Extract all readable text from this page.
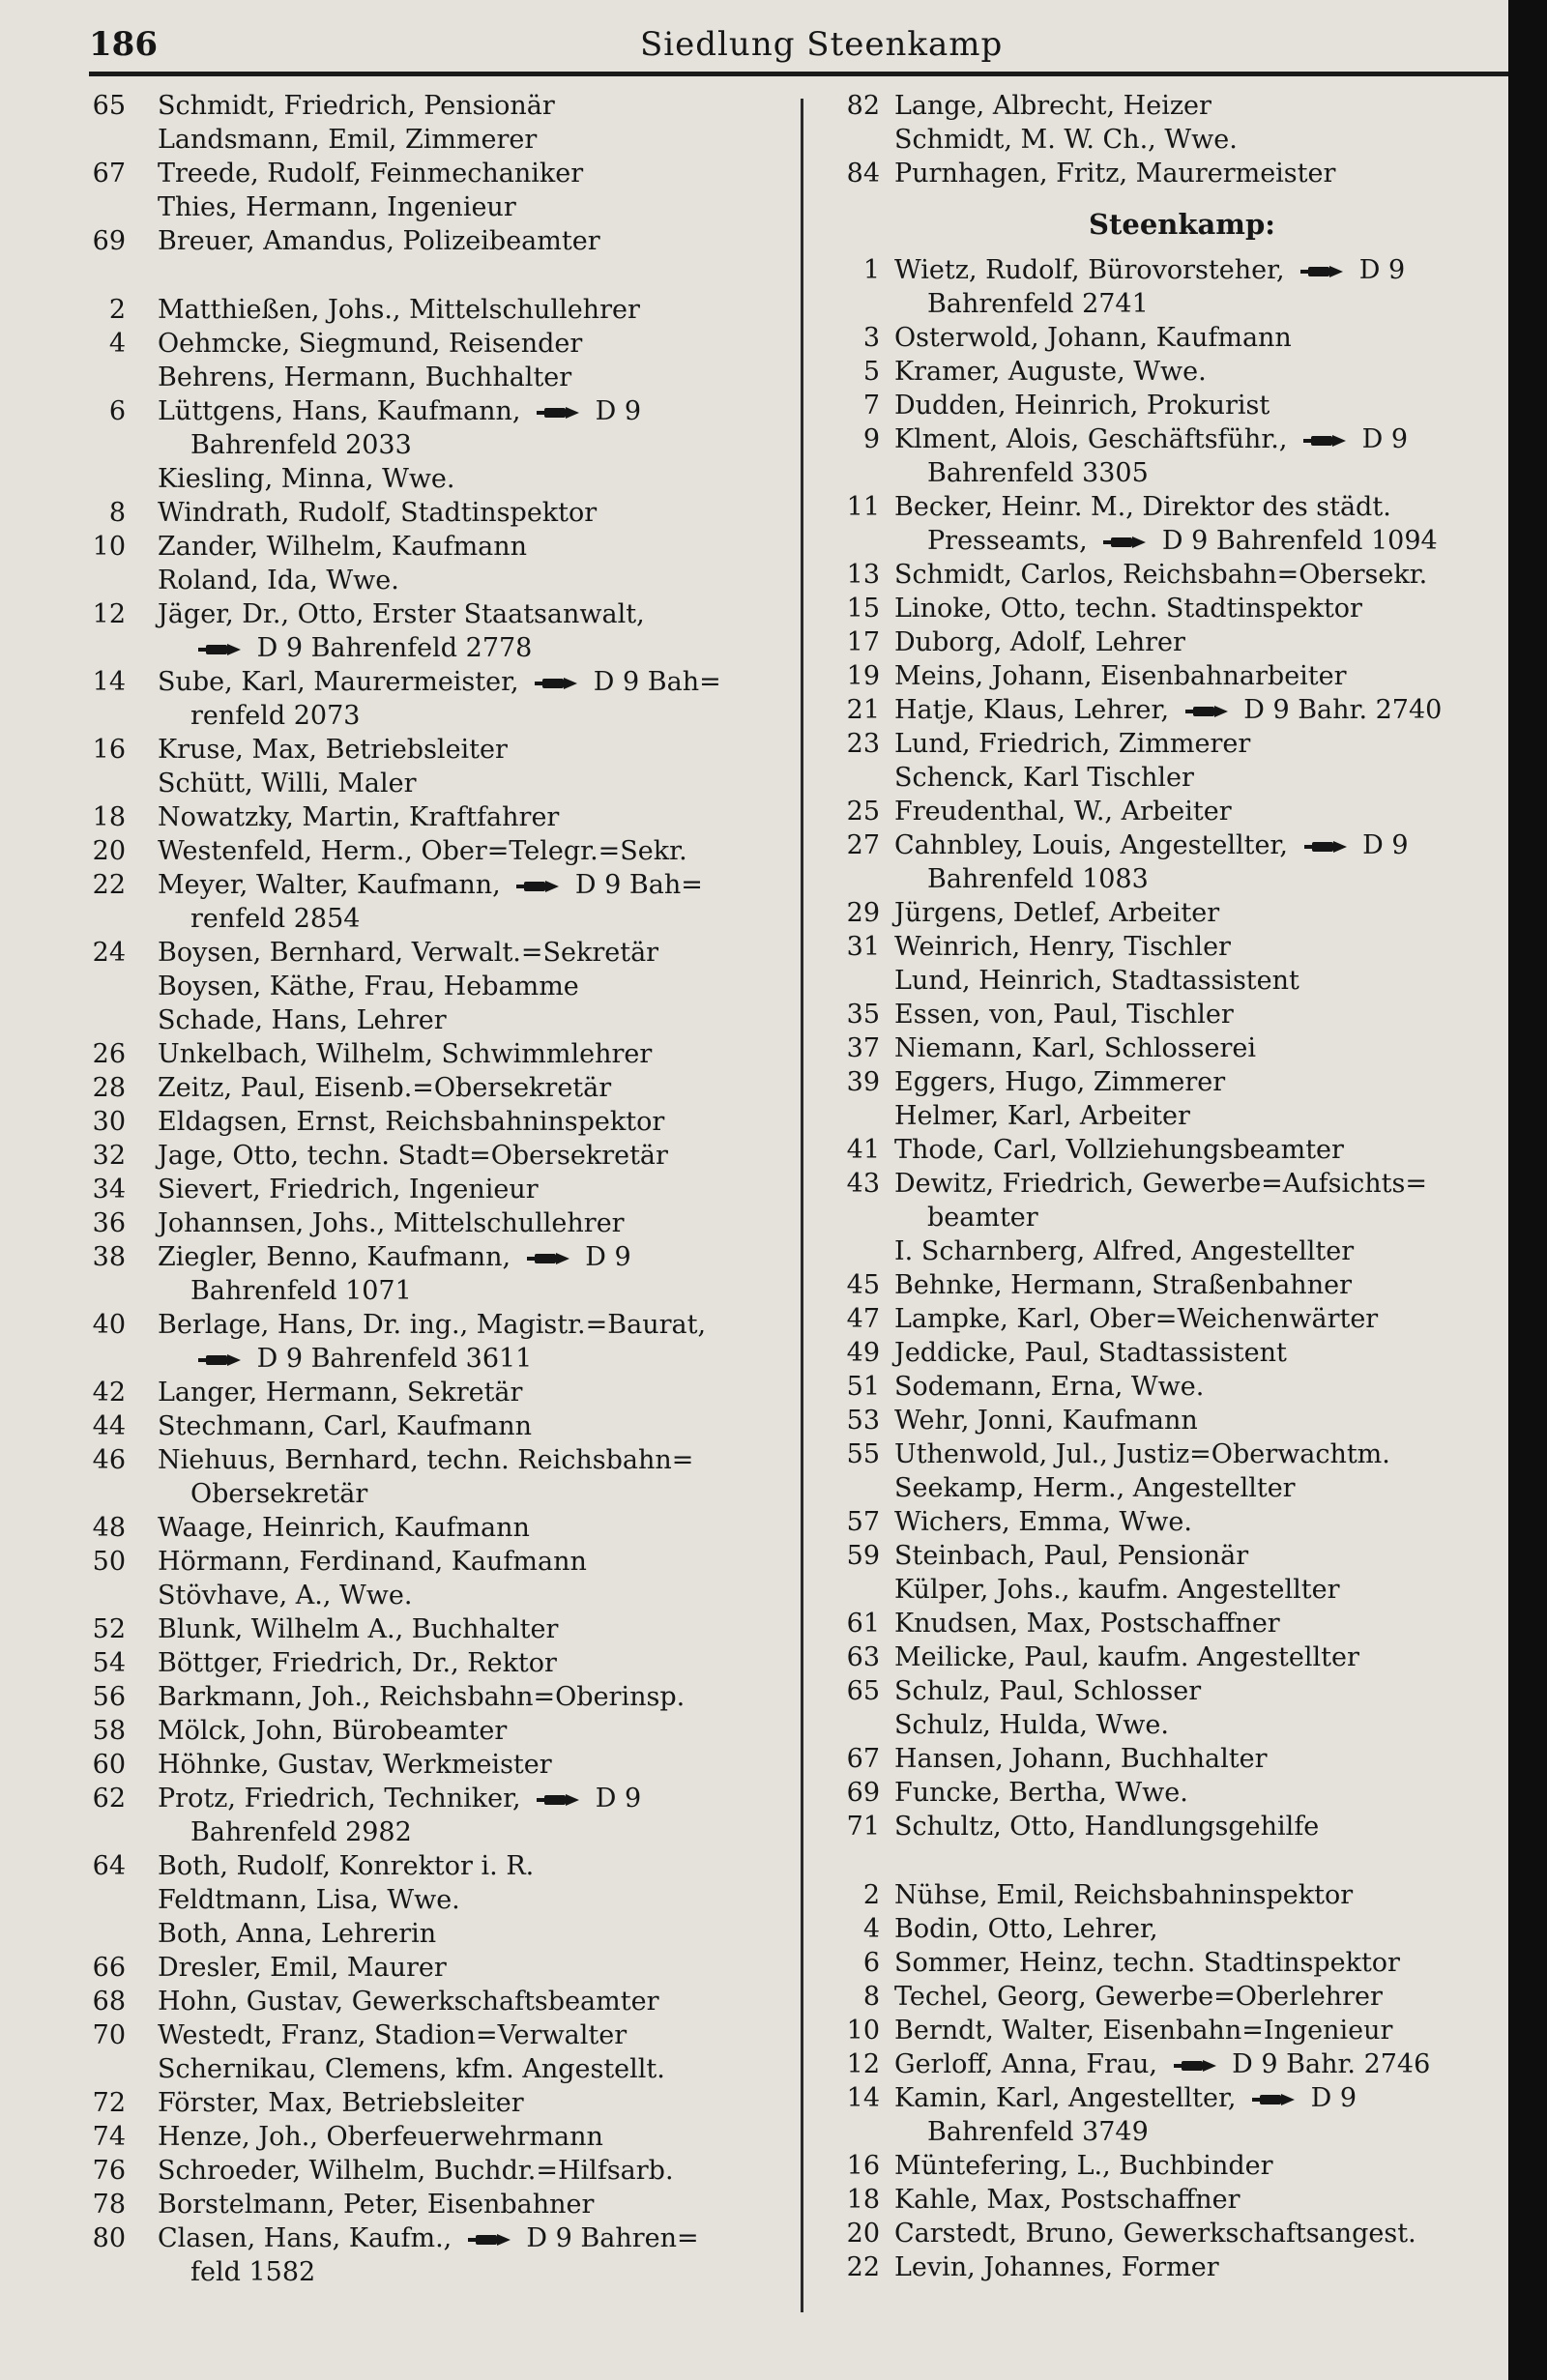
186	Siedlung Steenkamp
65 Schmidt, Friedrich, Pensionär
Landsmann, Emil, Zimmerer
67 Treede, Rudolf, Feinmechaniker
Thies, Hermann, Ingenieur
69 Breuer, Amandus, Polizeibeamter
2 Matthießen, Johs., Mittelschullehrer
4 Oehmcke, Siegmund, Reisender
Behrens, Hermann, Buchhalter
6 Lüttgens, Hans, Kaufmann,  D 9
Bahrenfeld 2033
Kiesling, Minna, Wwe.
8 Windrath, Rudolf, Stadtinspektor
10 Zander, Wilhelm, Kaufmann
Roland, Ida, Wwe.
12 Jäger, Dr., Otto, Erster Staatsanwalt,
D 9 Bahrenfeld 2778
14 Sube, Karl, Maurermeister,  D 9 Bah=
renfeld 2073
16 Kruse, Max, Betriebsleiter
Schütt, Willi, Maler
18 Nowatzky, Martin, Kraftfahrer
20 Westenfeld, Herm., Ober=Telegr.=Sekr.
22 Meyer, Walter, Kaufmann,  D 9 Bah=
renfeld 2854
24 Boysen, Bernhard, Verwalt.=Sekretär
Boysen, Käthe, Frau, Hebamme
Schade, Hans, Lehrer
26 Unkelbach, Wilhelm, Schwimmlehrer
28 Zeitz, Paul, Eisenb.=Obersekretär
30 Eldagsen, Ernst, Reichsbahninspektor
32 Jage, Otto, techn. Stadt=Obersekretär
34 Sievert, Friedrich, Ingenieur
36 Johannsen, Johs., Mittelschullehrer
38 Ziegler, Benno, Kaufmann,  D 9
Bahrenfeld 1071
40 Berlage, Hans, Dr. ing., Magistr.=Baurat,
D 9 Bahrenfeld 3611
42 Langer, Hermann, Sekretär
44 Stechmann, Carl, Kaufmann
46 Niehuus, Bernhard, techn. Reichsbahn=
Obersekretär
48 Waage, Heinrich, Kaufmann
50 Hörmann, Ferdinand, Kaufmann
Stövhave, A., Wwe.
52 Blunk, Wilhelm A., Buchhalter
54 Böttger, Friedrich, Dr., Rektor
56 Barkmann, Joh., Reichsbahn=Oberinsp.
58 Mölck, John, Bürobeamter
60 Höhnke, Gustav, Werkmeister
62 Protz, Friedrich, Techniker,  D 9
Bahrenfeld 2982
64 Both, Rudolf, Konrektor i. R.
Feldtmann, Lisa, Wwe.
Both, Anna, Lehrerin
66 Dresler, Emil, Maurer
68 Hohn, Gustav, Gewerkschaftsbeamter
70 Westedt, Franz, Stadion=Verwalter
Schernikau, Clemens, kfm. Angestellt.
72 Förster, Max, Betriebsleiter
74 Henze, Joh., Oberfeuerwehrmann
76 Schroeder, Wilhelm, Buchdr.=Hilfsarb.
78 Borstelmann, Peter, Eisenbahner
80 Clasen, Hans, Kaufm.,  D 9 Bahren=
feld 1582
82 Lange, Albrecht, Heizer
Schmidt, M. W. Ch., Wwe.
84 Purnhagen, Fritz, Maurermeister
Steenkamp:
1 Wietz, Rudolf, Bürovorsteher,  D 9
Bahrenfeld 2741
3 Osterwold, Johann, Kaufmann
5 Kramer, Auguste, Wwe.
7 Dudden, Heinrich, Prokurist
9 Klment, Alois, Geschäftsführ.,  D 9
Bahrenfeld 3305
11 Becker, Heinr. M., Direktor des städt.
Presseamts,  D 9 Bahrenfeld 1094
13 Schmidt, Carlos, Reichsbahn=Obersekr.
15 Linoke, Otto, techn. Stadtinspektor
17 Duborg, Adolf, Lehrer
19 Meins, Johann, Eisenbahnarbeiter
21 Hatje, Klaus, Lehrer,  D 9 Bahr. 2740
23 Lund, Friedrich, Zimmerer
Schenck, Karl Tischler
25 Freudenthal, W., Arbeiter
27 Cahnbley, Louis, Angestellter,  D 9
Bahrenfeld 1083
29 Jürgens, Detlef, Arbeiter
31 Weinrich, Henry, Tischler
Lund, Heinrich, Stadtassistent
35 Essen, von, Paul, Tischler
37 Niemann, Karl, Schlosserei
39 Eggers, Hugo, Zimmerer
Helmer, Karl, Arbeiter
41 Thode, Carl, Vollziehungsbeamter
43 Dewitz, Friedrich, Gewerbe=Aufsichts=
beamter
I. Scharnberg, Alfred, Angestellter
45 Behnke, Hermann, Straßenbahner
47 Lampke, Karl, Ober=Weichenwärter
49 Jeddicke, Paul, Stadtassistent
51 Sodemann, Erna, Wwe.
53 Wehr, Jonni, Kaufmann
55 Uthenwold, Jul., Justiz=Oberwachtm.
Seekamp, Herm., Angestellter
57 Wichers, Emma, Wwe.
59 Steinbach, Paul, Pensionär
Külper, Johs., kaufm. Angestellter
61 Knudsen, Max, Postschaffner
63 Meilicke, Paul, kaufm. Angestellter
65 Schulz, Paul, Schlosser
Schulz, Hulda, Wwe.
67 Hansen, Johann, Buchhalter
69 Funcke, Bertha, Wwe.
71 Schultz, Otto, Handlungsgehilfe
2 Nühse, Emil, Reichsbahninspektor
4 Bodin, Otto, Lehrer,
6 Sommer, Heinz, techn. Stadtinspektor
8 Techel, Georg, Gewerbe=Oberlehrer
10 Berndt, Walter, Eisenbahn=Ingenieur
12 Gerloff, Anna, Frau,  D 9 Bahr. 2746
14 Kamin, Karl, Angestellter,  D 9
Bahrenfeld 3749
16 Müntefering, L., Buchbinder
18 Kahle, Max, Postschaffner
20 Carstedt, Bruno, Gewerkschaftsangest.
22 Levin, Johannes, Former
